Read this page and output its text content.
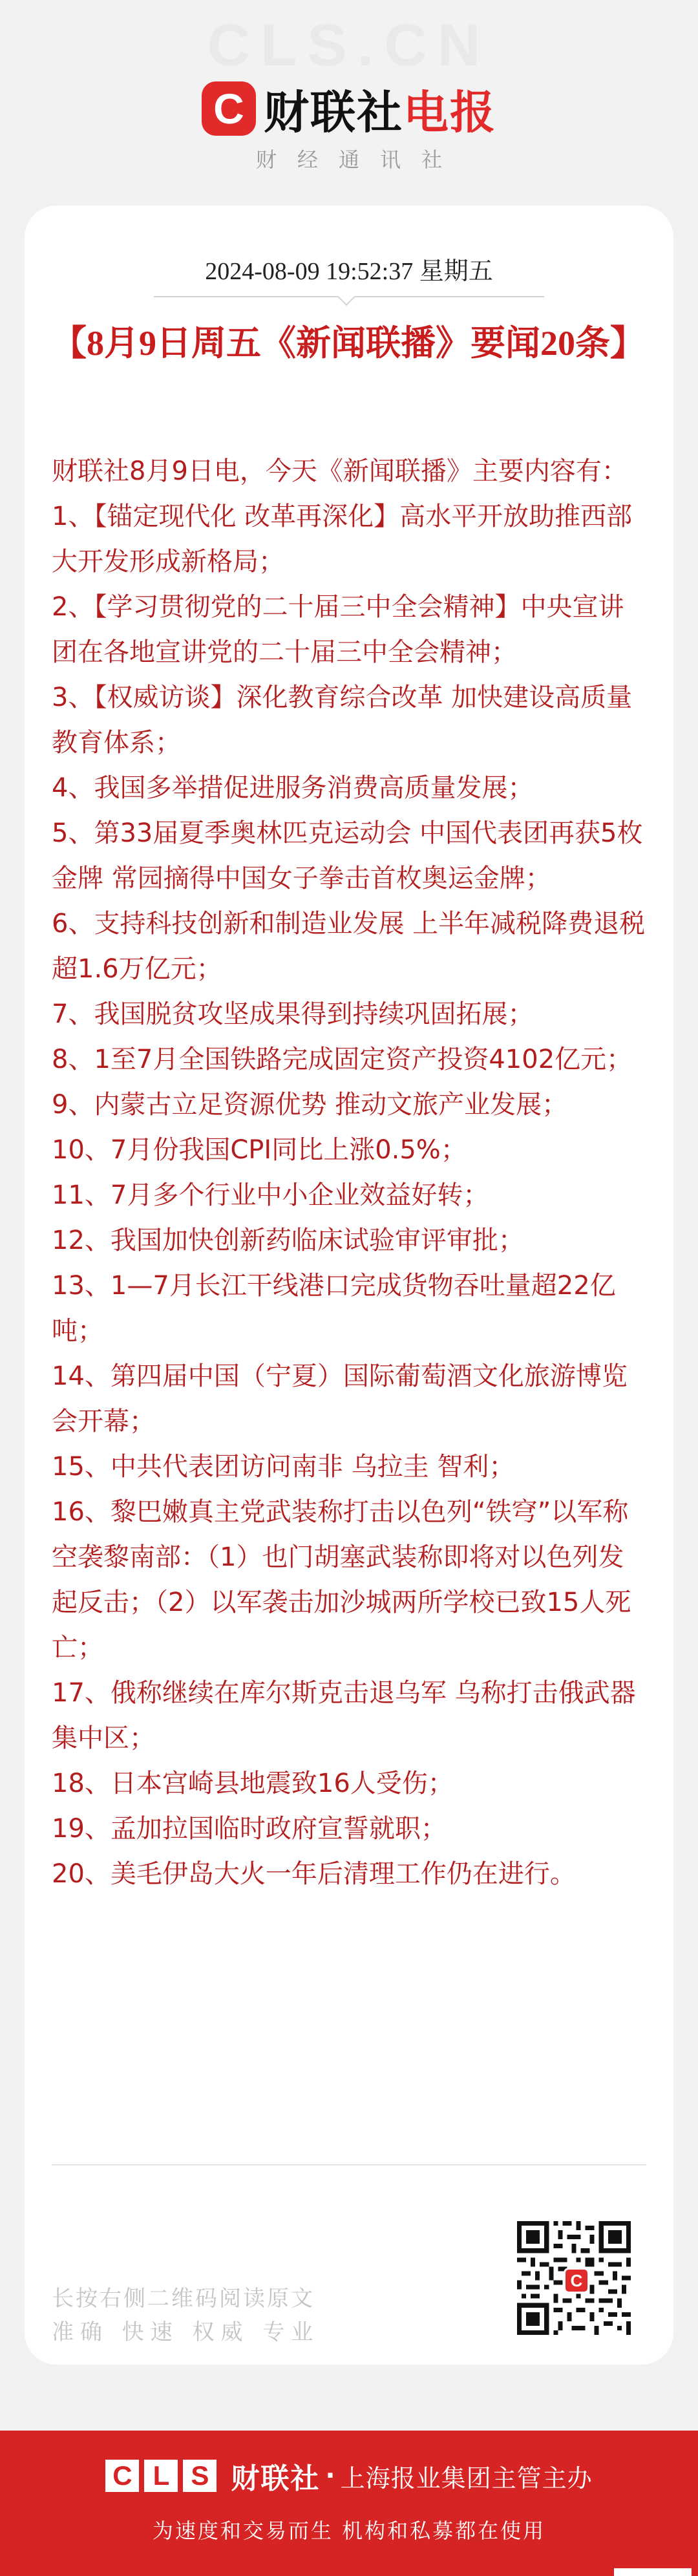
CLS.CN
C 财联社 电报
财经通讯社
2024-08-09 19:52:37 星期五
【8月9日周五《新闻联播》要闻20条】

财联社8月9日电，今天《新闻联播》主要内容有：

1、【锚定现代化 改革再深化】高水平开放助推西部大开发形成新格局；

2、【学习贯彻党的二十届三中全会精神】中央宣讲团在各地宣讲党的二十届三中全会精神；

3、【权威访谈】深化教育综合改革 加快建设高质量教育体系；

4、我国多举措促进服务消费高质量发展；

5、第33届夏季奥林匹克运动会 中国代表团再获5枚金牌 常园摘得中国女子拳击首枚奥运金牌；

6、支持科技创新和制造业发展 上半年减税降费退税超1.6万亿元；

7、我国脱贫攻坚成果得到持续巩固拓展；

8、1至7月全国铁路完成固定资产投资4102亿元；

9、内蒙古立足资源优势 推动文旅产业发展；

10、7月份我国CPI同比上涨0.5%；

11、7月多个行业中小企业效益好转；

12、我国加快创新药临床试验审评审批；

13、1—7月长江干线港口完成货物吞吐量超22亿吨；

14、第四届中国（宁夏）国际葡萄酒文化旅游博览会开幕；

15、中共代表团访问南非 乌拉圭 智利；

16、黎巴嫩真主党武装称打击以色列“铁穹”以军称空袭黎南部：（1）也门胡塞武装称即将对以色列发起反击；（2）以军袭击加沙城两所学校已致15人死亡；

17、俄称继续在库尔斯克击退乌军 乌称打击俄武器集中区；

18、日本宫崎县地震致16人受伤；

19、孟加拉国临时政府宣誓就职；

20、美毛伊岛大火一年后清理工作仍在进行。

长按右侧二维码阅读原文
准确 快速 权威 专业
C
C L S 财联社 · 上海报业集团主管主办
为速度和交易而生 机构和私募都在使用
